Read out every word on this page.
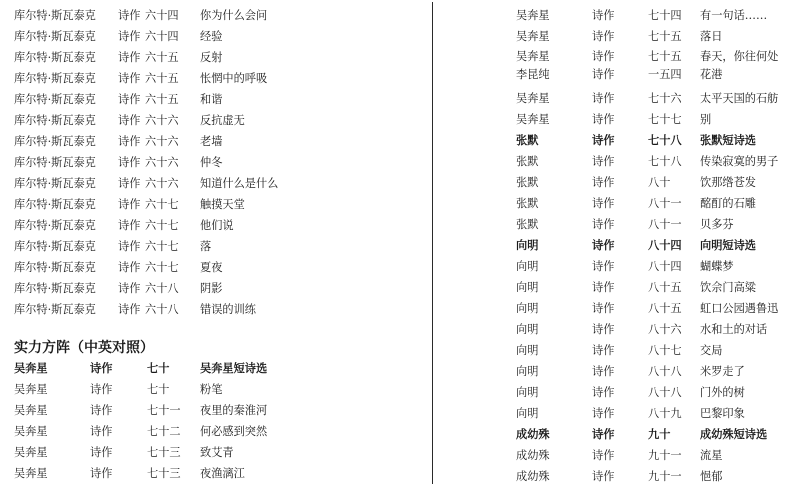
库尔特·斯瓦泰克 诗作 六十四 你为什么会问
库尔特·斯瓦泰克 诗作 六十四 经验
库尔特·斯瓦泰克 诗作 六十五 反射
库尔特·斯瓦泰克 诗作 六十五 怅惘中的呼吸
库尔特·斯瓦泰克 诗作 六十五 和谐
库尔特·斯瓦泰克 诗作 六十六 反抗虚无
库尔特·斯瓦泰克 诗作 六十六 老墙
库尔特·斯瓦泰克 诗作 六十六 仲冬
库尔特·斯瓦泰克 诗作 六十六 知道什么是什么
库尔特·斯瓦泰克 诗作 六十七 触摸天堂
库尔特·斯瓦泰克 诗作 六十七 他们说
库尔特·斯瓦泰克 诗作 六十七 落
库尔特·斯瓦泰克 诗作 六十七 夏夜
库尔特·斯瓦泰克 诗作 六十八 阴影
库尔特·斯瓦泰克 诗作 六十八 错误的训练
实力方阵（中英对照）
吴奔星	诗作	七十	吴奔星短诗选
吴奔星	诗作	七十	粉笔
吴奔星	诗作	七十一 夜里的秦淮河
吴奔星	诗作	七十二 何必感到突然
吴奔星	诗作	七十三 致艾青
吴奔星	诗作	七十三 夜渔漓江
吴奔星	诗作	七十四 有一句话……
吴奔星	诗作	七十五 落日
吴奔星	诗作	七十五 春天，你往何处
李昆纯	诗作	一五四 花港
吴奔星	诗作	七十六 太平天国的石舫
吴奔星	诗作	七十七 别
张默	诗作	七十八 张默短诗选
张默	诗作	七十八 传染寂寞的男子
张默	诗作	八十	饮那绺苍发
张默	诗作	八十一 酩酊的石雕
张默	诗作	八十一 贝多芬
向明	诗作	八十四 向明短诗选
向明	诗作	八十四 蝴蝶梦
向明	诗作	八十五 饮佘门高粱
向明	诗作	八十五 虹口公园遇鲁迅
向明	诗作	八十六 水和土的对话
向明	诗作	八十七 交局
向明	诗作	八十八 米罗走了
向明	诗作	八十八 门外的树
向明	诗作	八十九 巴黎印象
成幼殊	诗作	九十	成幼殊短诗选
成幼殊	诗作	九十一 流星
成幼殊	诗作	九十一 悒郁
